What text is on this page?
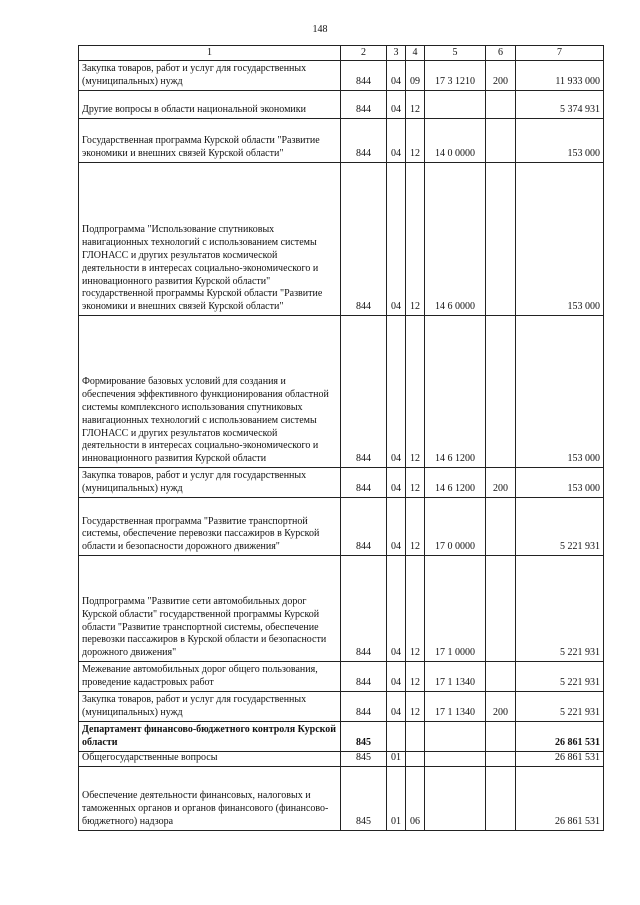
148
1	2	3	4	5	6	7
Закупка товаров, работ и услуг для государственных (муниципальных) нужд	844	04	09	17 3 1210	200	11 933 000
Другие вопросы в области национальной экономики	844	04	12			5 374 931
Государственная программа Курской области "Развитие экономики и внешних связей Курской области"	844	04	12	14 0 0000		153 000
Подпрограмма "Использование спутниковых навигационных технологий с использованием системы ГЛОНАСС и других результатов космической деятельности в интересах социально-экономического и инновационного развития Курской области" государственной программы Курской области "Развитие экономики и внешних связей Курской области"	844	04	12	14 6 0000		153 000
Формирование базовых условий для создания и обеспечения эффективного функционирования областной системы комплексного использования спутниковых навигационных технологий с использованием системы ГЛОНАСС и других результатов космической деятельности в интересах социально-экономического и инновационного развития Курской области	844	04	12	14 6 1200		153 000
Закупка товаров, работ и услуг для государственных (муниципальных) нужд	844	04	12	14 6 1200	200	153 000
Государственная программа "Развитие транспортной системы, обеспечение перевозки пассажиров в Курской области и безопасности дорожного движения"	844	04	12	17 0 0000		5 221 931
Подпрограмма "Развитие сети автомобильных дорог Курской области" государственной программы Курской области "Развитие транспортной системы, обеспечение перевозки пассажиров в Курской области и безопасности дорожного движения"	844	04	12	17 1 0000		5 221 931
Межевание автомобильных дорог общего пользования, проведение кадастровых работ	844	04	12	17 1 1340		5 221 931
Закупка товаров, работ и услуг для государственных (муниципальных) нужд	844	04	12	17 1 1340	200	5 221 931
Департамент финансово-бюджетного контроля Курской области	845					26 861 531
Общегосударственные вопросы	845	01				26 861 531
Обеспечение деятельности финансовых, налоговых и таможенных органов и органов финансового (финансово-бюджетного) надзора	845	01	06			26 861 531
